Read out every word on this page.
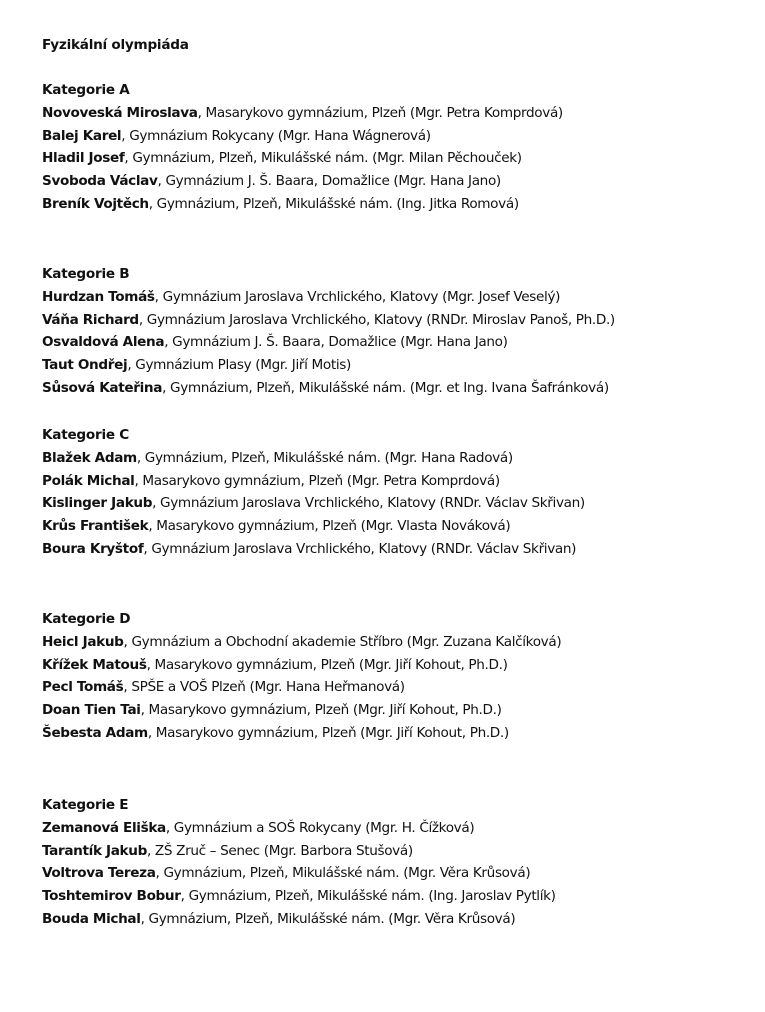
Fyzikální olympiáda
Kategorie A
Novoveská Miroslava, Masarykovo gymnázium, Plzeň (Mgr. Petra Komprdová)
Balej Karel, Gymnázium Rokycany (Mgr. Hana Wágnerová)
Hladil Josef, Gymnázium, Plzeň, Mikulášské nám. (Mgr. Milan Pěchouček)
Svoboda Václav, Gymnázium J. Š. Baara, Domažlice (Mgr. Hana Jano)
Breník Vojtěch, Gymnázium, Plzeň, Mikulášské nám. (Ing. Jitka Romová)
Kategorie B
Hurdzan Tomáš, Gymnázium Jaroslava Vrchlického, Klatovy (Mgr. Josef Veselý)
Váňa Richard, Gymnázium Jaroslava Vrchlického, Klatovy (RNDr. Miroslav Panoš, Ph.D.)
Osvaldová Alena, Gymnázium J. Š. Baara, Domažlice (Mgr. Hana Jano)
Taut Ondřej, Gymnázium Plasy (Mgr. Jiří Motis)
Sůsová Kateřina, Gymnázium, Plzeň, Mikulášské nám. (Mgr. et Ing. Ivana Šafránková)
Kategorie C
Blažek Adam, Gymnázium, Plzeň, Mikulášské nám. (Mgr. Hana Radová)
Polák Michal, Masarykovo gymnázium, Plzeň (Mgr. Petra Komprdová)
Kislinger Jakub, Gymnázium Jaroslava Vrchlického, Klatovy (RNDr. Václav Skřivan)
Krůs František, Masarykovo gymnázium, Plzeň (Mgr. Vlasta Nováková)
Boura Kryštof, Gymnázium Jaroslava Vrchlického, Klatovy (RNDr. Václav Skřivan)
Kategorie D
Heicl Jakub, Gymnázium a Obchodní akademie Stříbro (Mgr. Zuzana Kalčíková)
Křížek Matouš, Masarykovo gymnázium, Plzeň (Mgr. Jiří Kohout, Ph.D.)
Pecl Tomáš, SPŠE a VOŠ Plzeň (Mgr. Hana Heřmanová)
Doan Tien Tai, Masarykovo gymnázium, Plzeň (Mgr. Jiří Kohout, Ph.D.)
Šebesta Adam, Masarykovo gymnázium, Plzeň (Mgr. Jiří Kohout, Ph.D.)
Kategorie E
Zemanová Eliška, Gymnázium a SOŠ Rokycany (Mgr. H. Čížková)
Tarantík Jakub, ZŠ Zruč – Senec (Mgr. Barbora Stušová)
Voltrova Tereza, Gymnázium, Plzeň, Mikulášské nám. (Mgr. Věra Krůsová)
Toshtemirov Bobur, Gymnázium, Plzeň, Mikulášské nám. (Ing. Jaroslav Pytlík)
Bouda Michal, Gymnázium, Plzeň, Mikulášské nám. (Mgr. Věra Krůsová)
